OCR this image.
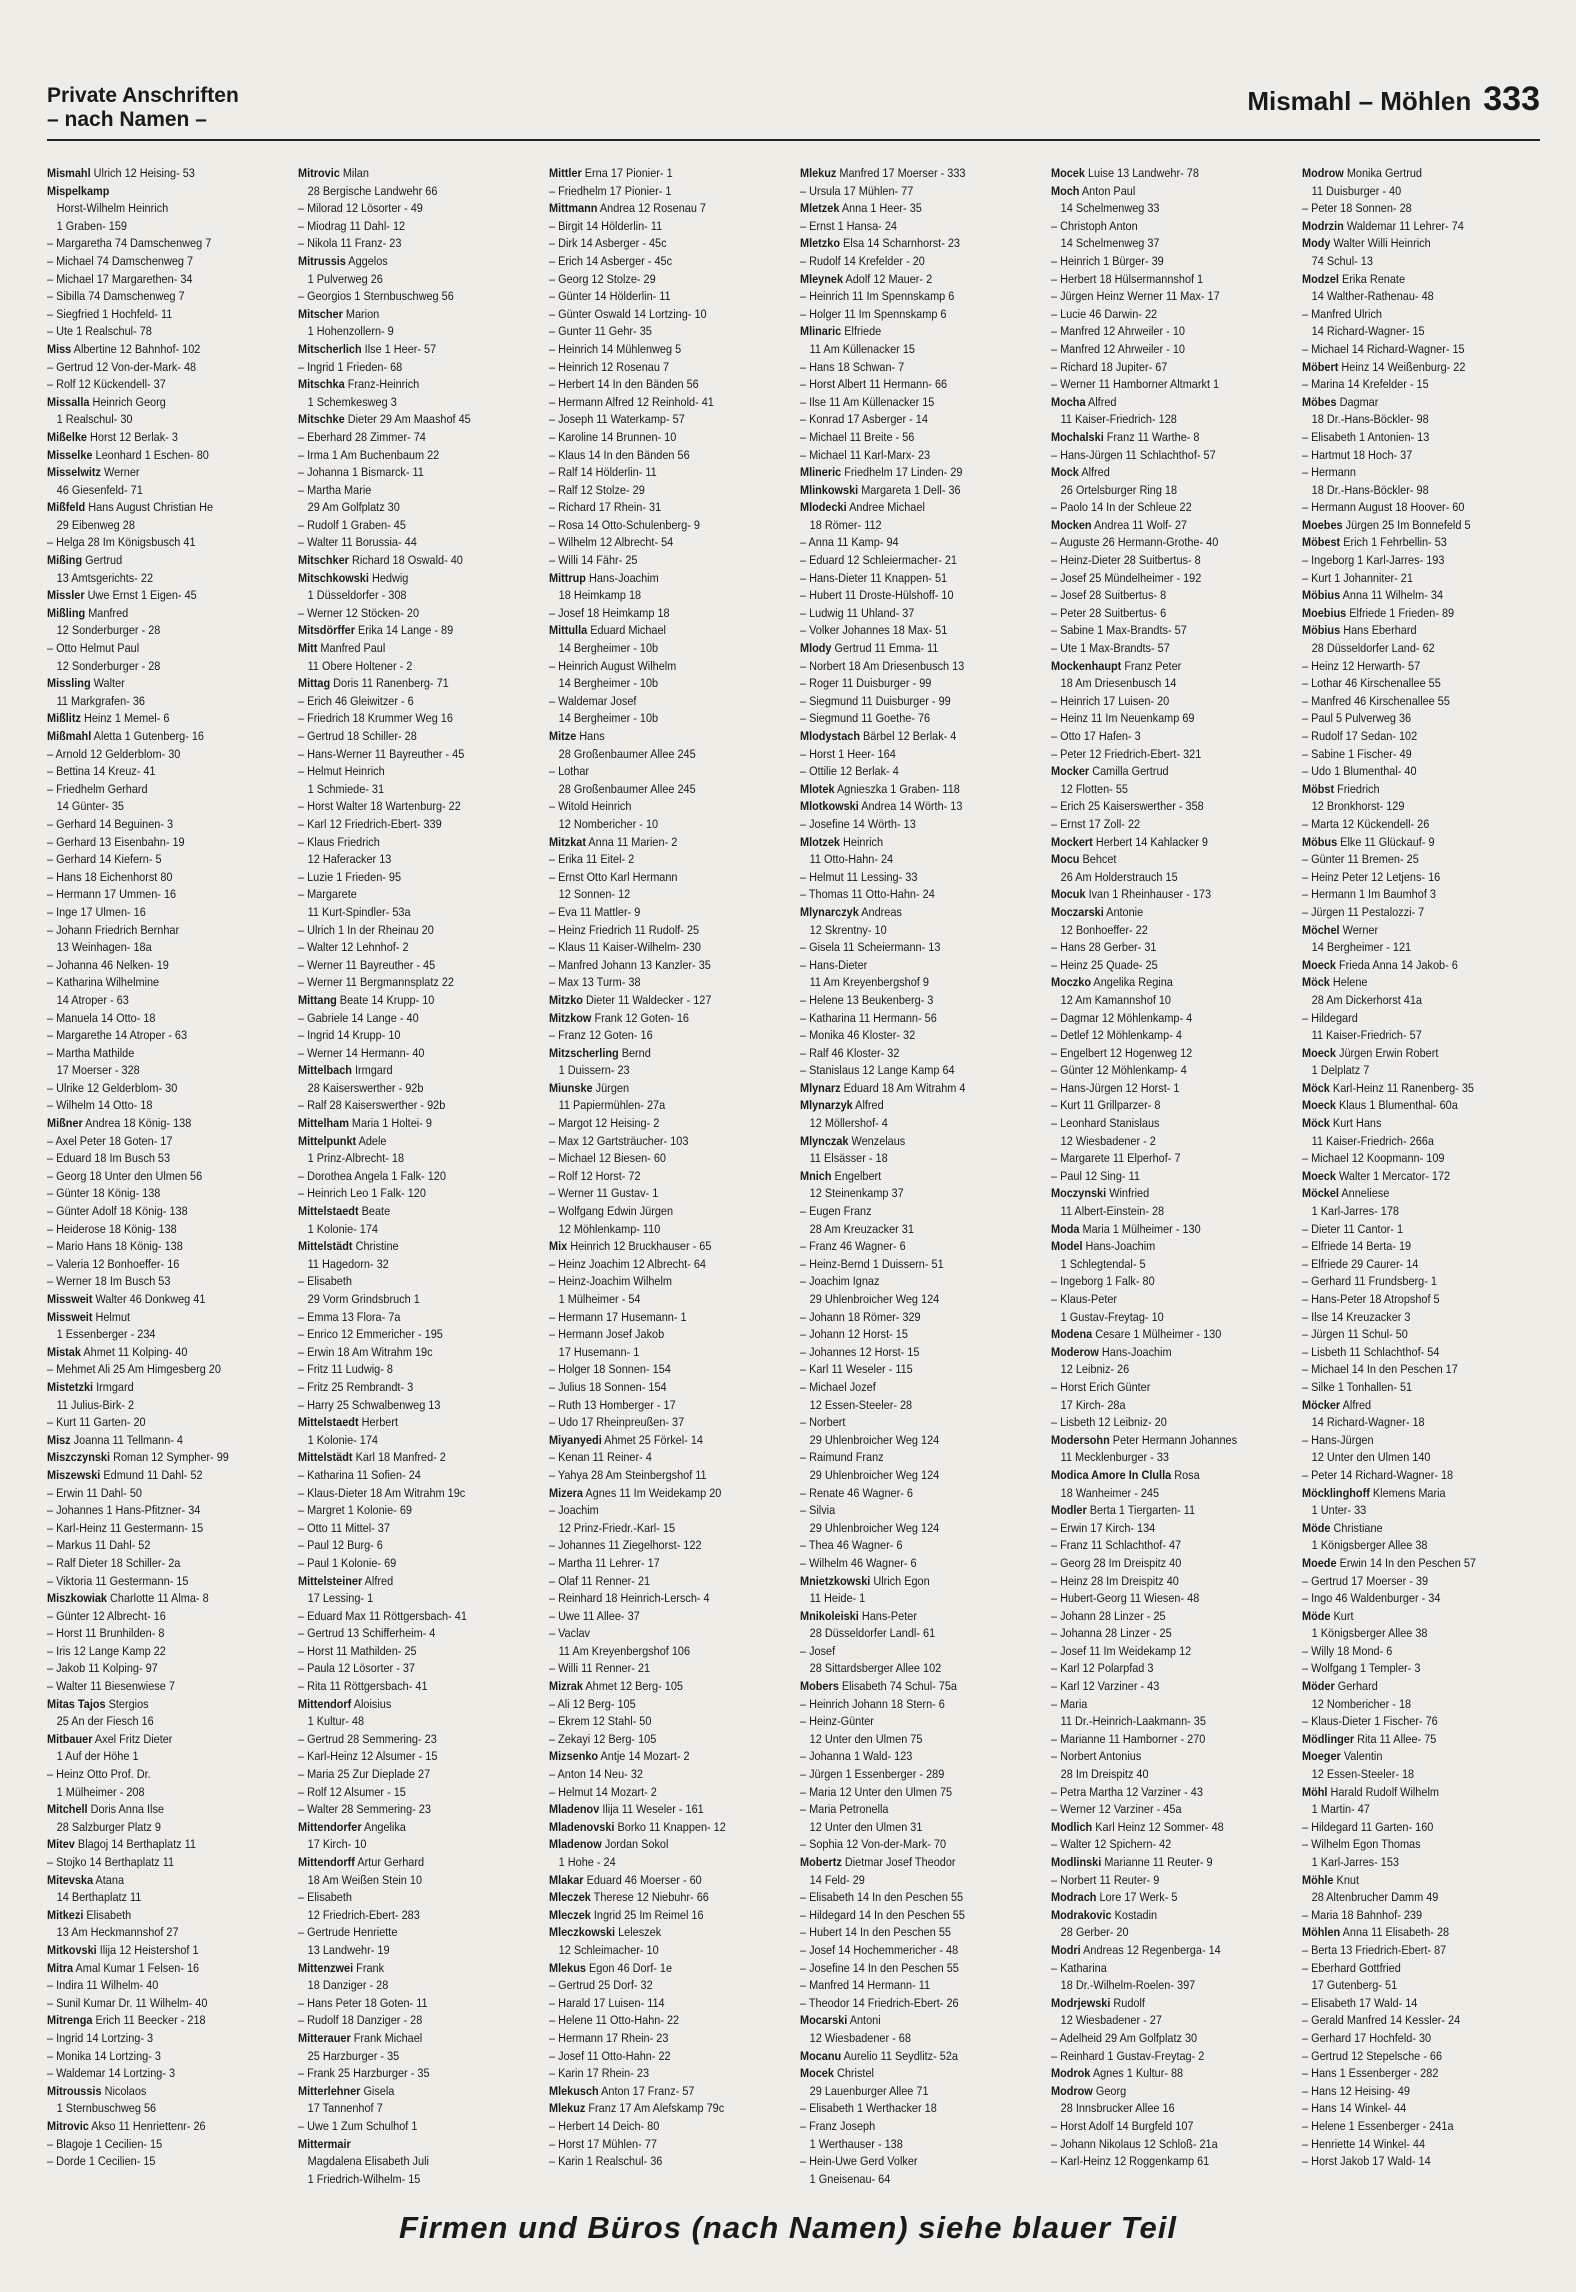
Private Anschriften
– nach Namen –
Mismahl – Möhlen 333
Mismahl Ulrich 12 Heising- 53
Mispelkamp
Horst-Wilhelm Heinrich
1 Graben- 159
– Margaretha 74 Damschenweg 7
– Michael 74 Damschenweg 7
– Michael 17 Margarethen- 34
– Sibilla 74 Damschenweg 7
– Siegfried 1 Hochfeld- 11
– Ute 1 Realschul- 78
Miss Albertine 12 Bahnhof- 102
– Gertrud 12 Von-der-Mark- 48
– Rolf 12 Kückendell- 37
Missalla Heinrich Georg
1 Realschul- 30
Mißelke Horst 12 Berlak- 3
Misselke Leonhard 1 Eschen- 80
Misselwitz Werner
46 Giesenfeld- 71
Mißfeld Hans August Christian He
29 Eibenweg 28
– Helga 28 Im Königsbusch 41
Mißing Gertrud
13 Amtsgerichts- 22
Missler Uwe Ernst 1 Eigen- 45
Mißling Manfred
12 Sonderburger - 28
– Otto Helmut Paul
12 Sonderburger - 28
Missling Walter
11 Markgrafen- 36
Mißlitz Heinz 1 Memel- 6
Mißmahl Aletta 1 Gutenberg- 16
– Arnold 12 Gelderblom- 30
– Bettina 14 Kreuz- 41
– Friedhelm Gerhard
14 Günter- 35
– Gerhard 14 Beguinen- 3
– Gerhard 13 Eisenbahn- 19
– Gerhard 14 Kiefern- 5
– Hans 18 Eichenhorst 80
– Hermann 17 Ummen- 16
– Inge 17 Ulmen- 16
– Johann Friedrich Bernhar
13 Weinhagen- 18a
– Johanna 46 Nelken- 19
– Katharina Wilhelmine
14 Atroper - 63
– Manuela 14 Otto- 18
– Margarethe 14 Atroper - 63
– Martha Mathilde
17 Moerser - 328
– Ulrike 12 Gelderblom- 30
– Wilhelm 14 Otto- 18
Mißner Andrea 18 König- 138
– Axel Peter 18 Goten- 17
– Eduard 18 Im Busch 53
– Georg 18 Unter den Ulmen 56
– Günter 18 König- 138
– Günter Adolf 18 König- 138
– Heiderose 18 König- 138
– Mario Hans 18 König- 138
– Valeria 12 Bonhoeffer- 16
– Werner 18 Im Busch 53
Missweit Walter 46 Donkweg 41
Missweit Helmut
1 Essenberger - 234
Mistak Ahmet 11 Kolping- 40
– Mehmet Ali 25 Am Himgesberg 20
Mistetzki Irmgard
11 Julius-Birk- 2
– Kurt 11 Garten- 20
Misz Joanna 11 Tellmann- 4
Miszczynski Roman 12 Sympher- 99
Miszewski Edmund 11 Dahl- 52
– Erwin 11 Dahl- 50
– Johannes 1 Hans-Pfitzner- 34
– Karl-Heinz 11 Gestermann- 15
– Markus 11 Dahl- 52
– Ralf Dieter 18 Schiller- 2a
– Viktoria 11 Gestermann- 15
Miszkowiak Charlotte 11 Alma- 8
– Günter 12 Albrecht- 16
– Horst 11 Brunhilden- 8
– Iris 12 Lange Kamp 22
– Jakob 11 Kolping- 97
– Walter 11 Biesenwiese 7
Mitas Tajos Stergios
25 An der Fiesch 16
Mitbauer Axel Fritz Dieter
1 Auf der Höhe 1
– Heinz Otto Prof. Dr.
1 Mülheimer - 208
Mitchell Doris Anna Ilse
28 Salzburger Platz 9
Mitev Blagoj 14 Berthaplatz 11
– Stojko 14 Berthaplatz 11
Mitevska Atana
14 Berthaplatz 11
Mitkezi Elisabeth
13 Am Heckmannshof 27
Mitkovski Ilija 12 Heistershof 1
Mitra Amal Kumar 1 Felsen- 16
– Indira 11 Wilhelm- 40
– Sunil Kumar Dr. 11 Wilhelm- 40
Mitrenga Erich 11 Beecker - 218
– Ingrid 14 Lortzing- 3
– Monika 14 Lortzing- 3
– Waldemar 14 Lortzing- 3
Mitroussis Nicolaos
1 Sternbuschweg 56
Mitrovic Akso 11 Henriettenr- 26
– Blagoje 1 Cecilien- 15
– Dorde 1 Cecilien- 15
Mitrovic Milan
28 Bergische Landwehr 66
– Milorad 12 Lösorter - 49
– Miodrag 11 Dahl- 12
– Nikola 11 Franz- 23
Mitrussis Aggelos
1 Pulverweg 26
– Georgios 1 Sternbuschweg 56
Mitscher Marion
1 Hohenzollern- 9
Mitscherlich Ilse 1 Heer- 57
– Ingrid 1 Frieden- 68
Mitschka Franz-Heinrich
1 Schemkesweg 3
Mitschke Dieter 29 Am Maashof 45
– Eberhard 28 Zimmer- 74
– Irma 1 Am Buchenbaum 22
– Johanna 1 Bismarck- 11
– Martha Marie
29 Am Golfplatz 30
– Rudolf 1 Graben- 45
– Walter 11 Borussia- 44
Mitschker Richard 18 Oswald- 40
Mitschkowski Hedwig
1 Düsseldorfer - 308
– Werner 12 Stöcken- 20
Mitsdörffer Erika 14 Lange - 89
Mitt Manfred Paul
11 Obere Holtener - 2
Mittag Doris 11 Ranenberg- 71
– Erich 46 Gleiwitzer - 6
– Friedrich 18 Krummer Weg 16
– Gertrud 18 Schiller- 28
– Hans-Werner 11 Bayreuther - 45
– Helmut Heinrich
1 Schmiede- 31
– Horst Walter 18 Wartenburg- 22
– Karl 12 Friedrich-Ebert- 339
– Klaus Friedrich
12 Haferacker 13
– Luzie 1 Frieden- 95
– Margarete
11 Kurt-Spindler- 53a
– Ulrich 1 In der Rheinau 20
– Walter 12 Lehnhof- 2
– Werner 11 Bayreuther - 45
– Werner 11 Bergmannsplatz 22
Mittang Beate 14 Krupp- 10
– Gabriele 14 Lange - 40
– Ingrid 14 Krupp- 10
– Werner 14 Hermann- 40
Mittelbach Irmgard
28 Kaiserswerther - 92b
– Ralf 28 Kaiserswerther - 92b
Mittelham Maria 1 Holtei- 9
Mittelpunkt Adele
1 Prinz-Albrecht- 18
– Dorothea Angela 1 Falk- 120
– Heinrich Leo 1 Falk- 120
Mittelstaedt Beate
1 Kolonie- 174
Mittelstädt Christine
11 Hagedorn- 32
– Elisabeth
29 Vorm Grindsbruch 1
– Emma 13 Flora- 7a
– Enrico 12 Emmericher - 195
– Erwin 18 Am Witrahm 19c
– Fritz 11 Ludwig- 8
– Fritz 25 Rembrandt- 3
– Harry 25 Schwalbenweg 13
Mittelstaedt Herbert
1 Kolonie- 174
Mittelstädt Karl 18 Manfred- 2
– Katharina 11 Sofien- 24
– Klaus-Dieter 18 Am Witrahm 19c
– Margret 1 Kolonie- 69
– Otto 11 Mittel- 37
– Paul 12 Burg- 6
– Paul 1 Kolonie- 69
Mittelsteiner Alfred
17 Lessing- 1
– Eduard Max 11 Röttgersbach- 41
– Gertrud 13 Schifferheim- 4
– Horst 11 Mathilden- 25
– Paula 12 Lösorter - 37
– Rita 11 Röttgersbach- 41
Mittendorf Aloisius
1 Kultur- 48
– Gertrud 28 Semmering- 23
– Karl-Heinz 12 Alsumer - 15
– Maria 25 Zur Dieplade 27
– Rolf 12 Alsumer - 15
– Walter 28 Semmering- 23
Mittendorfer Angelika
17 Kirch- 10
Mittendorff Artur Gerhard
18 Am Weißen Stein 10
– Elisabeth
12 Friedrich-Ebert- 283
– Gertrude Henriette
13 Landwehr- 19
Mittenzwei Frank
18 Danziger - 28
– Hans Peter 18 Goten- 11
– Rudolf 18 Danziger - 28
Mitterauer Frank Michael
25 Harzburger - 35
– Frank 25 Harzburger - 35
Mitterlehner Gisela
17 Tannenhof 7
– Uwe 1 Zum Schulhof 1
Mittermair
Magdalena Elisabeth Juli
1 Friedrich-Wilhelm- 15
Mittler Erna 17 Pionier- 1
– Friedhelm 17 Pionier- 1
Mittmann Andrea 12 Rosenau 7
– Birgit 14 Hölderlin- 11
– Dirk 14 Asberger - 45c
– Erich 14 Asberger - 45c
– Georg 12 Stolze- 29
– Günter 14 Hölderlin- 11
– Günter Oswald 14 Lortzing- 10
– Gunter 11 Gehr- 35
– Heinrich 14 Mühlenweg 5
– Heinrich 12 Rosenau 7
– Herbert 14 In den Bänden 56
– Hermann Alfred 12 Reinhold- 41
– Joseph 11 Waterkamp- 57
– Karoline 14 Brunnen- 10
– Klaus 14 In den Bänden 56
– Ralf 14 Hölderlin- 11
– Ralf 12 Stolze- 29
– Richard 17 Rhein- 31
– Rosa 14 Otto-Schulenberg- 9
– Wilhelm 12 Albrecht- 54
– Willi 14 Fähr- 25
Mittrup Hans-Joachim
18 Heimkamp 18
– Josef 18 Heimkamp 18
Mittulla Eduard Michael
14 Bergheimer - 10b
– Heinrich August Wilhelm
14 Bergheimer - 10b
– Waldemar Josef
14 Bergheimer - 10b
Mitze Hans
28 Großenbaumer Allee 245
– Lothar
28 Großenbaumer Allee 245
– Witold Heinrich
12 Nombericher - 10
Mitzkat Anna 11 Marien- 2
– Erika 11 Eitel- 2
– Ernst Otto Karl Hermann
12 Sonnen- 12
– Eva 11 Mattler- 9
– Heinz Friedrich 11 Rudolf- 25
– Klaus 11 Kaiser-Wilhelm- 230
– Manfred Johann 13 Kanzler- 35
– Max 13 Turm- 38
Mitzko Dieter 11 Waldecker - 127
Mitzkow Frank 12 Goten- 16
– Franz 12 Goten- 16
Mitzscherling Bernd
1 Duissern- 23
Miunske Jürgen
11 Papiermühlen- 27a
– Margot 12 Heising- 2
– Max 12 Gartsträucher- 103
– Michael 12 Biesen- 60
– Rolf 12 Horst- 72
– Werner 11 Gustav- 1
– Wolfgang Edwin Jürgen
12 Möhlenkamp- 110
Mix Heinrich 12 Bruckhauser - 65
– Heinz Joachim 12 Albrecht- 64
– Heinz-Joachim Wilhelm
1 Mülheimer - 54
– Hermann 17 Husemann- 1
– Hermann Josef Jakob
17 Husemann- 1
– Holger 18 Sonnen- 154
– Julius 18 Sonnen- 154
– Ruth 13 Homberger - 17
– Udo 17 Rheinpreußen- 37
Miyanyedi Ahmet 25 Förkel- 14
– Kenan 11 Reiner- 4
– Yahya 28 Am Steinbergshof 11
Mizera Agnes 11 Im Weidekamp 20
– Joachim
12 Prinz-Friedr.-Karl- 15
– Johannes 11 Ziegelhorst- 122
– Martha 11 Lehrer- 17
– Olaf 11 Renner- 21
– Reinhard 18 Heinrich-Lersch- 4
– Uwe 11 Allee- 37
– Vaclav
11 Am Kreyenbergshof 106
– Willi 11 Renner- 21
Mizrak Ahmet 12 Berg- 105
– Ali 12 Berg- 105
– Ekrem 12 Stahl- 50
– Zekayi 12 Berg- 105
Mizsenko Antje 14 Mozart- 2
– Anton 14 Neu- 32
– Helmut 14 Mozart- 2
Mladenov Ilija 11 Weseler - 161
Mladenovski Borko 11 Knappen- 12
Mladenow Jordan Sokol
1 Hohe - 24
Mlakar Eduard 46 Moerser - 60
Mleczek Therese 12 Niebuhr- 66
Mleczek Ingrid 25 Im Reimel 16
Mleczkowski Leleszek
12 Schleimacher- 10
Mlekus Egon 46 Dorf- 1e
– Gertrud 25 Dorf- 32
– Harald 17 Luisen- 114
– Helene 11 Otto-Hahn- 22
– Hermann 17 Rhein- 23
– Josef 11 Otto-Hahn- 22
– Karin 17 Rhein- 23
Mlekusch Anton 17 Franz- 57
Mlekuz Franz 17 Am Alefskamp 79c
– Herbert 14 Deich- 80
– Horst 17 Mühlen- 77
– Karin 1 Realschul- 36
Mlekuz Manfred 17 Moerser - 333
– Ursula 17 Mühlen- 77
Mletzek Anna 1 Heer- 35
– Ernst 1 Hansa- 24
Mletzko Elsa 14 Scharnhorst- 23
– Rudolf 14 Krefelder - 20
Mleynek Adolf 12 Mauer- 2
– Heinrich 11 Im Spennskamp 6
– Holger 11 Im Spennskamp 6
Mlinaric Elfriede
11 Am Küllenacker 15
– Hans 18 Schwan- 7
– Horst Albert 11 Hermann- 66
– Ilse 11 Am Küllenacker 15
– Konrad 17 Asberger - 14
– Michael 11 Breite - 56
– Michael 11 Karl-Marx- 23
Mlineric Friedhelm 17 Linden- 29
Mlinkowski Margareta 1 Dell- 36
Mlodecki Andree Michael
18 Römer- 112
– Anna 11 Kamp- 94
– Eduard 12 Schleiermacher- 21
– Hans-Dieter 11 Knappen- 51
– Hubert 11 Droste-Hülshoff- 10
– Ludwig 11 Uhland- 37
– Volker Johannes 18 Max- 51
Mlody Gertrud 11 Emma- 11
– Norbert 18 Am Driesenbusch 13
– Roger 11 Duisburger - 99
– Siegmund 11 Duisburger - 99
– Siegmund 11 Goethe- 76
Mlodystach Bärbel 12 Berlak- 4
– Horst 1 Heer- 164
– Ottilie 12 Berlak- 4
Mlotek Agnieszka 1 Graben- 118
Mlotkowski Andrea 14 Wörth- 13
– Josefine 14 Wörth- 13
Mlotzek Heinrich
11 Otto-Hahn- 24
– Helmut 11 Lessing- 33
– Thomas 11 Otto-Hahn- 24
Mlynarczyk Andreas
12 Skrentny- 10
– Gisela 11 Scheiermann- 13
– Hans-Dieter
11 Am Kreyenbergshof 9
– Helene 13 Beukenberg- 3
– Katharina 11 Hermann- 56
– Monika 46 Kloster- 32
– Ralf 46 Kloster- 32
– Stanislaus 12 Lange Kamp 64
Mlynarz Eduard 18 Am Witrahm 4
Mlynarzyk Alfred
12 Möllershof- 4
Mlynczak Wenzelaus
11 Elsässer - 18
Mnich Engelbert
12 Steinenkamp 37
– Eugen Franz
28 Am Kreuzacker 31
– Franz 46 Wagner- 6
– Heinz-Bernd 1 Duissern- 51
– Joachim Ignaz
29 Uhlenbroicher Weg 124
– Johann 18 Römer- 329
– Johann 12 Horst- 15
– Johannes 12 Horst- 15
– Karl 11 Weseler - 115
– Michael Jozef
12 Essen-Steeler- 28
– Norbert
29 Uhlenbroicher Weg 124
– Raimund Franz
29 Uhlenbroicher Weg 124
– Renate 46 Wagner- 6
– Silvia
29 Uhlenbroicher Weg 124
– Thea 46 Wagner- 6
– Wilhelm 46 Wagner- 6
Mnietzkowski Ulrich Egon
11 Heide- 1
Mnikoleiski Hans-Peter
28 Düsseldorfer Landl- 61
– Josef
28 Sittardsberger Allee 102
Mobers Elisabeth 74 Schul- 75a
– Heinrich Johann 18 Stern- 6
– Heinz-Günter
12 Unter den Ulmen 75
– Johanna 1 Wald- 123
– Jürgen 1 Essenberger - 289
– Maria 12 Unter den Ulmen 75
– Maria Petronella
12 Unter den Ulmen 31
– Sophia 12 Von-der-Mark- 70
Mobertz Dietmar Josef Theodor
14 Feld- 29
– Elisabeth 14 In den Peschen 55
– Hildegard 14 In den Peschen 55
– Hubert 14 In den Peschen 55
– Josef 14 Hochemmericher - 48
– Josefine 14 In den Peschen 55
– Manfred 14 Hermann- 11
– Theodor 14 Friedrich-Ebert- 26
Mocarski Antoni
12 Wiesbadener - 68
Mocanu Aurelio 11 Seydlitz- 52a
Mocek Christel
29 Lauenburger Allee 71
– Elisabeth 1 Werthacker 18
– Franz Joseph
1 Werthauser - 138
– Hein-Uwe Gerd Volker
1 Gneisenau- 64
Mocek Luise 13 Landwehr- 78
Moch Anton Paul
14 Schelmenweg 33
– Christoph Anton
14 Schelmenweg 37
– Heinrich 1 Bürger- 39
– Herbert 18 Hülsermannshof 1
– Jürgen Heinz Werner 11 Max- 17
– Lucie 46 Darwin- 22
– Manfred 12 Ahrweiler - 10
– Manfred 12 Ahrweiler - 10
– Richard 18 Jupiter- 67
– Werner 11 Hamborner Altmarkt 1
Mocha Alfred
11 Kaiser-Friedrich- 128
Mochalski Franz 11 Warthe- 8
– Hans-Jürgen 11 Schlachthof- 57
Mock Alfred
26 Ortelsburger Ring 18
– Paolo 14 In der Schleue 22
Mocken Andrea 11 Wolf- 27
– Auguste 26 Hermann-Grothe- 40
– Heinz-Dieter 28 Suitbertus- 8
– Josef 25 Mündelheimer - 192
– Josef 28 Suitbertus- 8
– Peter 28 Suitbertus- 6
– Sabine 1 Max-Brandts- 57
– Ute 1 Max-Brandts- 57
Mockenhaupt Franz Peter
18 Am Driesenbusch 14
– Heinrich 17 Luisen- 20
– Heinz 11 Im Neuenkamp 69
– Otto 17 Hafen- 3
– Peter 12 Friedrich-Ebert- 321
Mocker Camilla Gertrud
12 Flotten- 55
– Erich 25 Kaiserswerther - 358
– Ernst 17 Zoll- 22
Mockert Herbert 14 Kahlacker 9
Mocu Behcet
26 Am Holderstrauch 15
Mocuk Ivan 1 Rheinhauser - 173
Moczarski Antonie
12 Bonhoeffer- 22
– Hans 28 Gerber- 31
– Heinz 25 Quade- 25
Moczko Angelika Regina
12 Am Kamannshof 10
– Dagmar 12 Möhlenkamp- 4
– Detlef 12 Möhlenkamp- 4
– Engelbert 12 Hogenweg 12
– Günter 12 Möhlenkamp- 4
– Hans-Jürgen 12 Horst- 1
– Kurt 11 Grillparzer- 8
– Leonhard Stanislaus
12 Wiesbadener - 2
– Margarete 11 Elperhof- 7
– Paul 12 Sing- 11
Moczynski Winfried
11 Albert-Einstein- 28
Moda Maria 1 Mülheimer - 130
Model Hans-Joachim
1 Schlegtendal- 5
– Ingeborg 1 Falk- 80
– Klaus-Peter
1 Gustav-Freytag- 10
Modena Cesare 1 Mülheimer - 130
Moderow Hans-Joachim
12 Leibniz- 26
– Horst Erich Günter
17 Kirch- 28a
– Lisbeth 12 Leibniz- 20
Modersohn Peter Hermann Johannes
11 Mecklenburger - 33
Modica Amore In Clulla Rosa
18 Wanheimer - 245
Modler Berta 1 Tiergarten- 11
– Erwin 17 Kirch- 134
– Franz 11 Schlachthof- 47
– Georg 28 Im Dreispitz 40
– Heinz 28 Im Dreispitz 40
– Hubert-Georg 11 Wiesen- 48
– Johann 28 Linzer - 25
– Johanna 28 Linzer - 25
– Josef 11 Im Weidekamp 12
– Karl 12 Polarpfad 3
– Karl 12 Varziner - 43
– Maria
11 Dr.-Heinrich-Laakmann- 35
– Marianne 11 Hamborner - 270
– Norbert Antonius
28 Im Dreispitz 40
– Petra Martha 12 Varziner - 43
– Werner 12 Varziner - 45a
Modlich Karl Heinz 12 Sommer- 48
– Walter 12 Spichern- 42
Modlinski Marianne 11 Reuter- 9
– Norbert 11 Reuter- 9
Modrach Lore 17 Werk- 5
Modrakovic Kostadin
28 Gerber- 20
Modri Andreas 12 Regenberga- 14
– Katharina
18 Dr.-Wilhelm-Roelen- 397
Modrjewski Rudolf
12 Wiesbadener - 27
– Adelheid 29 Am Golfplatz 30
– Reinhard 1 Gustav-Freytag- 2
Modrok Agnes 1 Kultur- 88
Modrow Georg
28 Innsbrucker Allee 16
– Horst Adolf 14 Burgfeld 107
– Johann Nikolaus 12 Schloß- 21a
– Karl-Heinz 12 Roggenkamp 61
Modrow Monika Gertrud
11 Duisburger - 40
– Peter 18 Sonnen- 28
Modrzin Waldemar 11 Lehrer- 74
Mody Walter Willi Heinrich
74 Schul- 13
Modzel Erika Renate
14 Walther-Rathenau- 48
– Manfred Ulrich
14 Richard-Wagner- 15
– Michael 14 Richard-Wagner- 15
Möbert Heinz 14 Weißenburg- 22
– Marina 14 Krefelder - 15
Möbes Dagmar
18 Dr.-Hans-Böckler- 98
– Elisabeth 1 Antonien- 13
– Hartmut 18 Hoch- 37
– Hermann
18 Dr.-Hans-Böckler- 98
– Hermann August 18 Hoover- 60
Moebes Jürgen 25 Im Bonnefeld 5
Möbest Erich 1 Fehrbellin- 53
– Ingeborg 1 Karl-Jarres- 193
– Kurt 1 Johanniter- 21
Möbius Anna 11 Wilhelm- 34
Moebius Elfriede 1 Frieden- 89
Möbius Hans Eberhard
28 Düsseldorfer Land- 62
– Heinz 12 Herwarth- 57
– Lothar 46 Kirschenallee 55
– Manfred 46 Kirschenallee 55
– Paul 5 Pulverweg 36
– Rudolf 17 Sedan- 102
– Sabine 1 Fischer- 49
– Udo 1 Blumenthal- 40
Möbst Friedrich
12 Bronkhorst- 129
– Marta 12 Kückendell- 26
Möbus Elke 11 Glückauf- 9
– Günter 11 Bremen- 25
– Heinz Peter 12 Letjens- 16
– Hermann 1 Im Baumhof 3
– Jürgen 11 Pestalozzi- 7
Möchel Werner
14 Bergheimer - 121
Moeck Frieda Anna 14 Jakob- 6
Möck Helene
28 Am Dickerhorst 41a
– Hildegard
11 Kaiser-Friedrich- 57
Moeck Jürgen Erwin Robert
1 Delplatz 7
Möck Karl-Heinz 11 Ranenberg- 35
Moeck Klaus 1 Blumenthal- 60a
Möck Kurt Hans
11 Kaiser-Friedrich- 266a
– Michael 12 Koopmann- 109
Moeck Walter 1 Mercator- 172
Möckel Anneliese
1 Karl-Jarres- 178
– Dieter 11 Cantor- 1
– Elfriede 14 Berta- 19
– Elfriede 29 Caurer- 14
– Gerhard 11 Frundsberg- 1
– Hans-Peter 18 Atropshof 5
– Ilse 14 Kreuzacker 3
– Jürgen 11 Schul- 50
– Lisbeth 11 Schlachthof- 54
– Michael 14 In den Peschen 17
– Silke 1 Tonhallen- 51
Möcker Alfred
14 Richard-Wagner- 18
– Hans-Jürgen
12 Unter den Ulmen 140
– Peter 14 Richard-Wagner- 18
Möcklinghoff Klemens Maria
1 Unter- 33
Möde Christiane
1 Königsberger Allee 38
Moede Erwin 14 In den Peschen 57
– Gertrud 17 Moerser - 39
– Ingo 46 Waldenburger - 34
Möde Kurt
1 Königsberger Allee 38
– Willy 18 Mond- 6
– Wolfgang 1 Templer- 3
Möder Gerhard
12 Nombericher - 18
– Klaus-Dieter 1 Fischer- 76
Mödlinger Rita 11 Allee- 75
Moeger Valentin
12 Essen-Steeler- 18
Möhl Harald Rudolf Wilhelm
1 Martin- 47
– Hildegard 11 Garten- 160
– Wilhelm Egon Thomas
1 Karl-Jarres- 153
Möhle Knut
28 Altenbrucher Damm 49
– Maria 18 Bahnhof- 239
Möhlen Anna 11 Elisabeth- 28
– Berta 13 Friedrich-Ebert- 87
– Eberhard Gottfried
17 Gutenberg- 51
– Elisabeth 17 Wald- 14
– Gerald Manfred 14 Kessler- 24
– Gerhard 17 Hochfeld- 30
– Gertrud 12 Stepelsche - 66
– Hans 1 Essenberger - 282
– Hans 12 Heising- 49
– Hans 14 Winkel- 44
– Helene 1 Essenberger - 241a
– Henriette 14 Winkel- 44
– Horst Jakob 17 Wald- 14
Firmen und Büros (nach Namen) siehe blauer Teil
